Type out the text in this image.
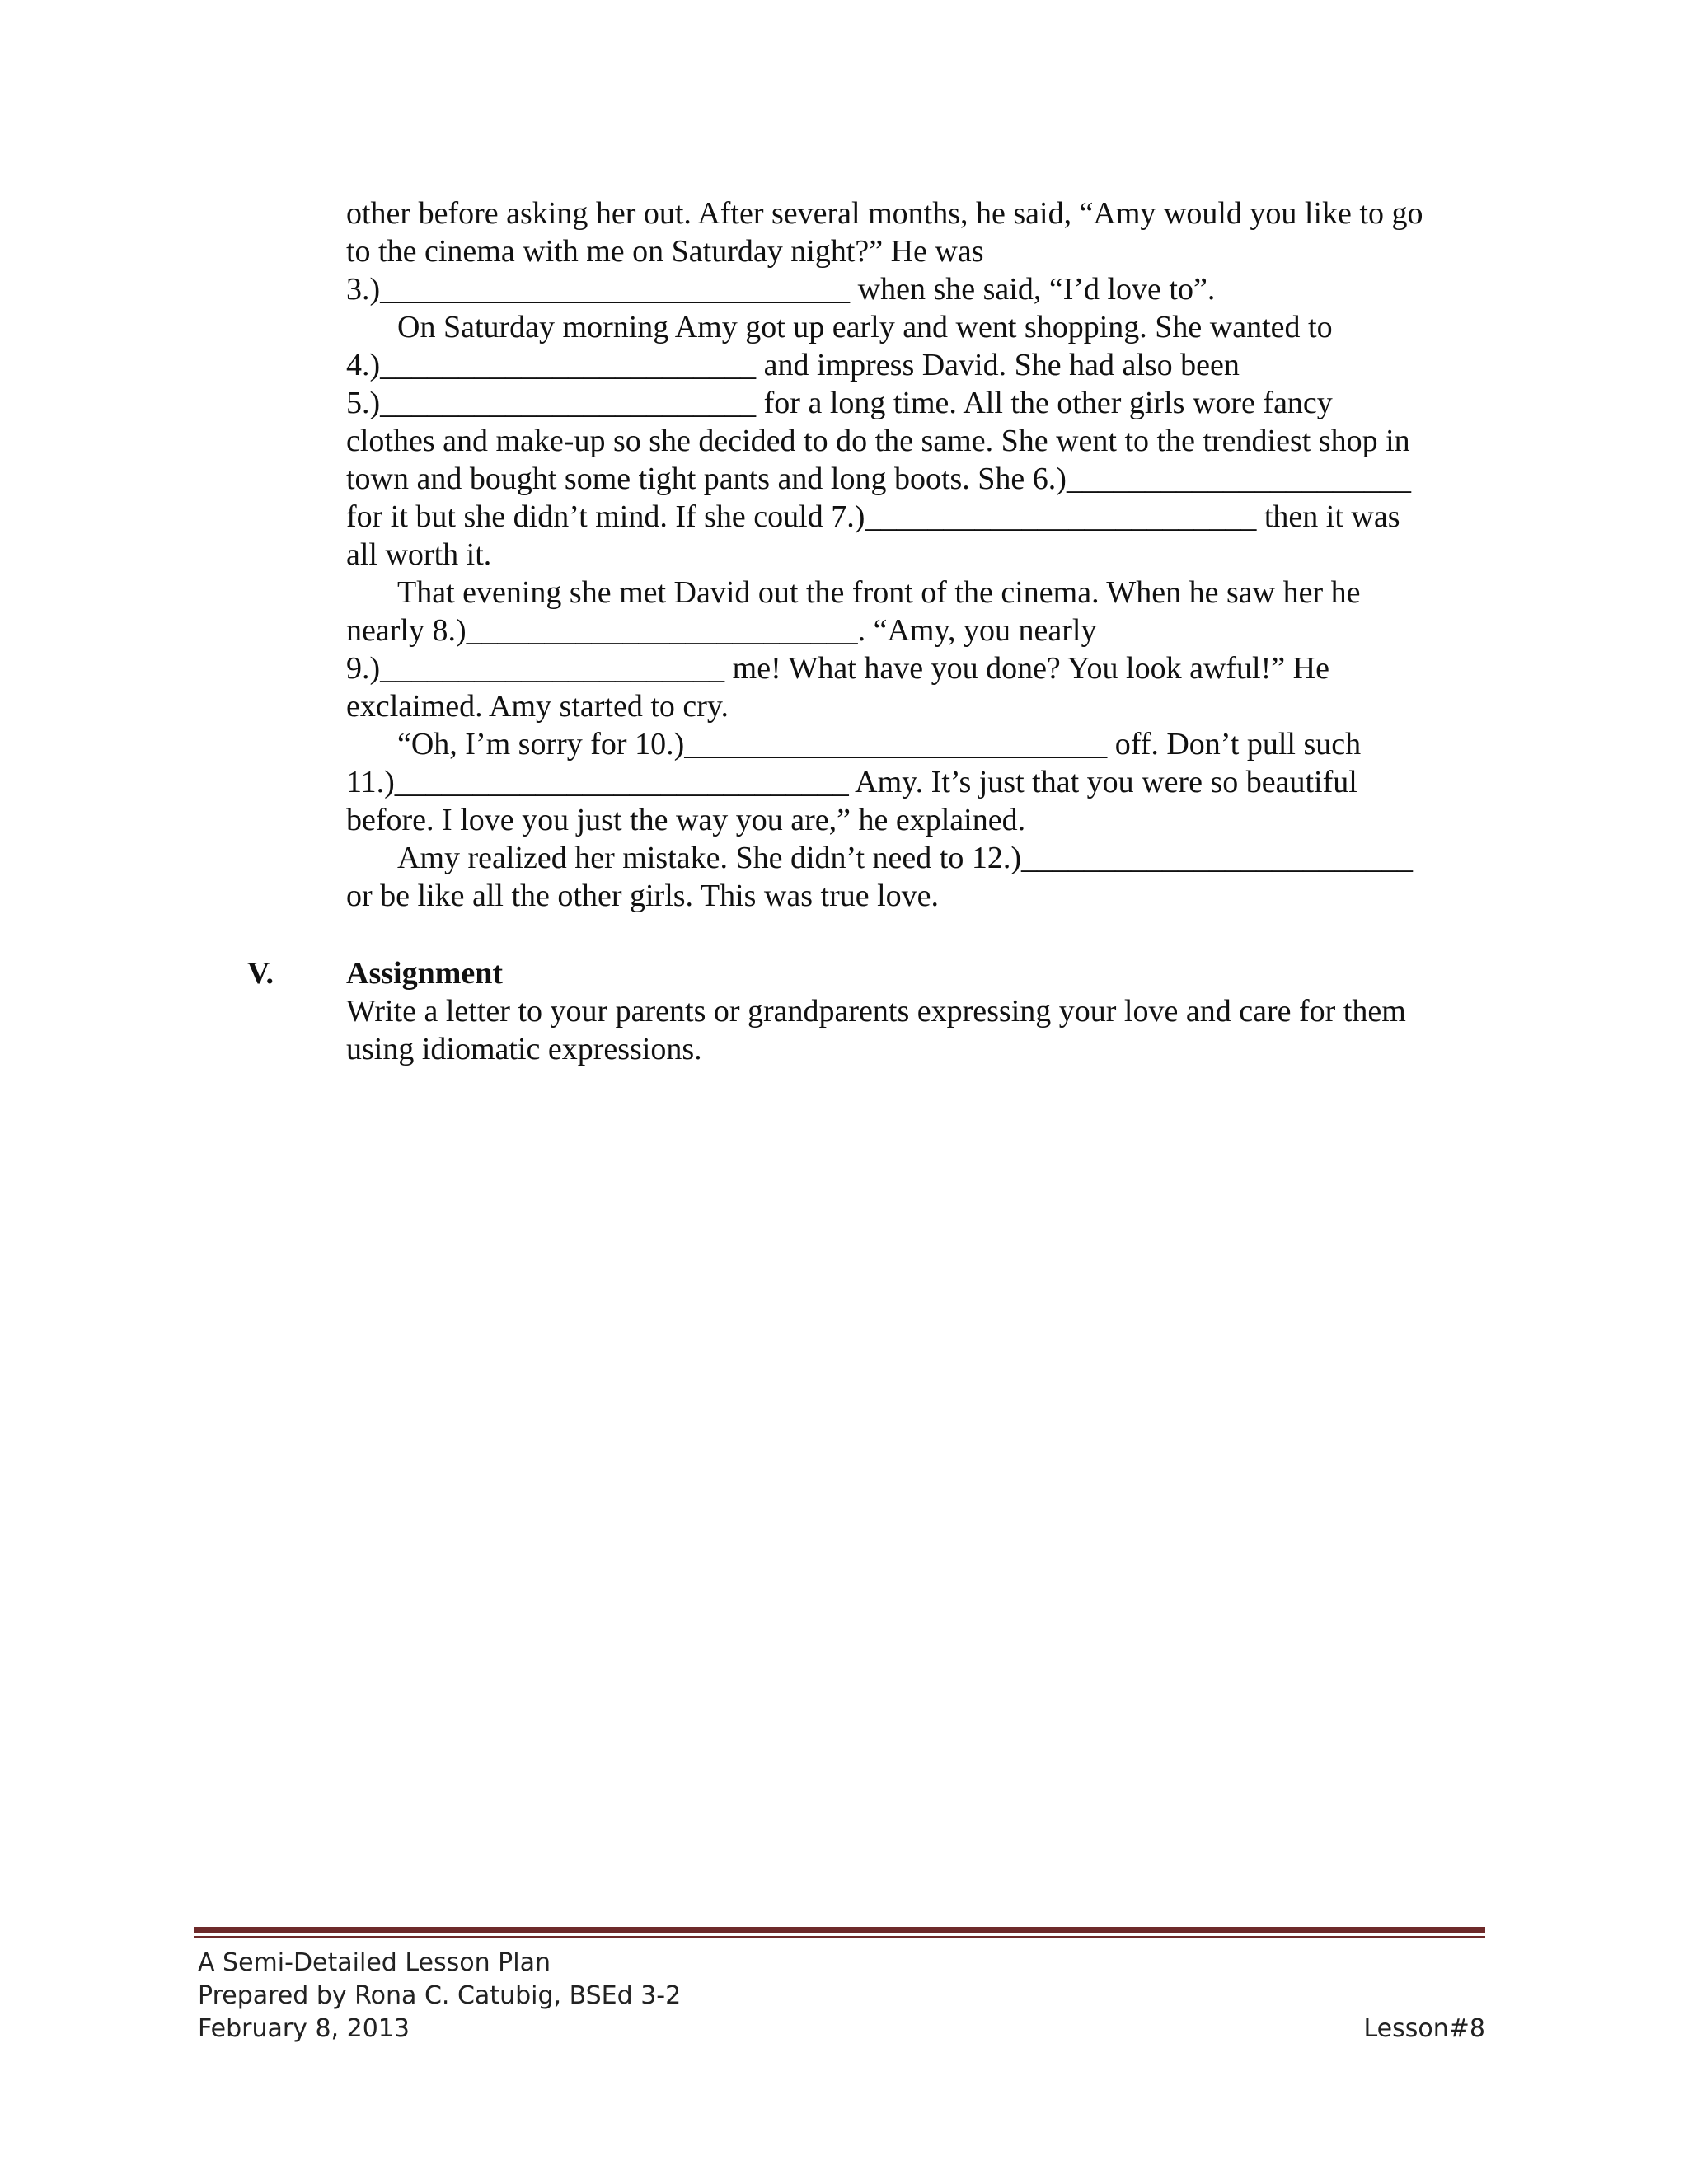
other before asking her out. After several months, he said, “Amy would you like to go
to the cinema with me on Saturday night?” He was
3.)______________________________ when she said, “I’d love to”.
On Saturday morning Amy got up early and went shopping. She wanted to
4.)________________________ and impress David. She had also been
5.)________________________ for a long time. All the other girls wore fancy
clothes and make-up so she decided to do the same. She went to the trendiest shop in
town and bought some tight pants and long boots. She 6.)______________________
for it but she didn’t mind. If she could 7.)_________________________ then it was
all worth it.
That evening she met David out the front of the cinema. When he saw her he
nearly 8.)_________________________. “Amy, you nearly
9.)______________________ me! What have you done? You look awful!” He
exclaimed. Amy started to cry.
“Oh, I’m sorry for 10.)___________________________ off. Don’t pull such
11.)_____________________________ Amy. It’s just that you were so beautiful
before. I love you just the way you are,” he explained.
Amy realized her mistake. She didn’t need to 12.)_________________________
or be like all the other girls. This was true love.
V. Assignment
Write a letter to your parents or grandparents expressing your love and care for them
using idiomatic expressions.
A Semi-Detailed Lesson Plan
Prepared by Rona C. Catubig, BSEd 3-2
February 8, 2013	Lesson#8
